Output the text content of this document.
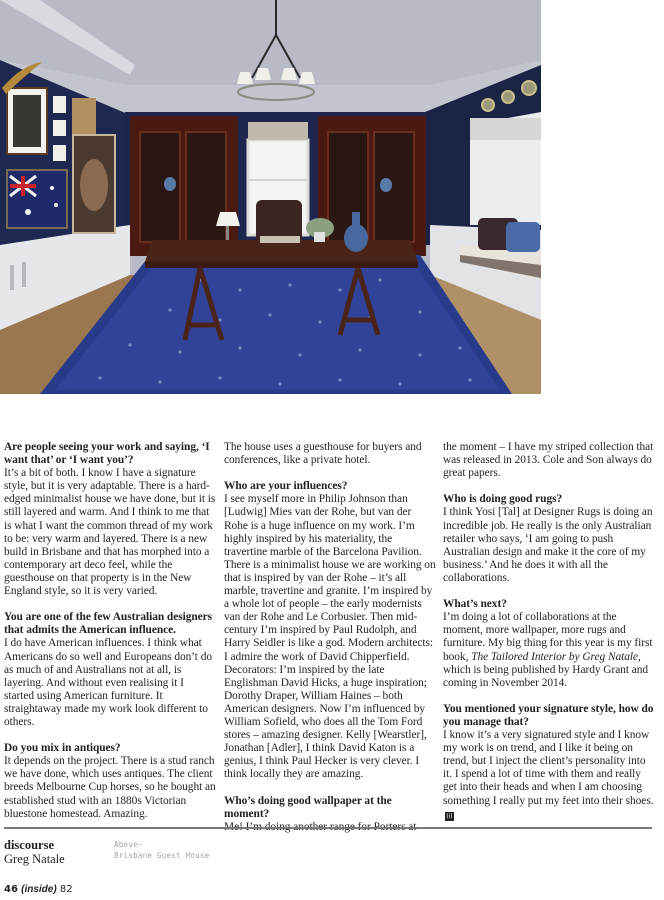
Are people seeing your work and saying, ‘I want that’ or ‘I want you’?
It’s a bit of both. I know I have a signature style, but it is very adaptable. There is a hard-edged minimalist house we have done, but it is still layered and warm. And I think to me that is what I want the common thread of my work to be: very warm and layered. There is a new build in Brisbane and that has morphed into a contemporary art deco feel, while the guesthouse on that property is in the New England style, so it is very varied.

You are one of the few Australian designers that admits the American influence.
I do have American influences. I think what Americans do so well and Europeans don’t do as much of and Australians not at all, is layering. And without even realising it I started using American furniture. It straightaway made my work look different to others.

Do you mix in antiques?
It depends on the project. There is a stud ranch we have done, which uses antiques. The client breeds Melbourne Cup horses, so he bought an established stud with an 1880s Victorian bluestone homestead. Amazing.

The house uses a guesthouse for buyers and conferences, like a private hotel.

Who are your influences?
I see myself more in Philip Johnson than [Ludwig] Mies van der Rohe, but van der Rohe is a huge influence on my work. I’m highly inspired by his materiality, the travertine marble of the Barcelona Pavilion. There is a minimalist house we are working on that is inspired by van der Rohe – it’s all marble, travertine and granite. I’m inspired by a whole lot of people – the early modernists van der Rohe and Le Corbusier. Then mid-century I’m inspired by Paul Rudolph, and Harry Seidler is like a god. Modern architects: I admire the work of David Chipperfield. Decorators: I’m inspired by the late Englishman David Hicks, a huge inspiration; Dorothy Draper, William Haines – both American designers. Now I’m influenced by William Sofield, who does all the Tom Ford stores – amazing designer. Kelly [Wearstler], Jonathan [Adler], I think David Katon is a genius, I think Paul Hecker is very clever. I think locally they are amazing.

Who’s doing good wallpaper at the moment?

the moment – I have my striped collection that was released in 2013. Cole and Son always do great papers.

Who is doing good rugs?
I think Yosi [Tal] at Designer Rugs is doing an incredible job. He really is the only Australian retailer who says, ‘I am going to push Australian design and make it the core of my business.’ And he does it with all the collaborations.

What’s next?
I’m doing a lot of collaborations at the moment, more wallpaper, more rugs and furniture. My big thing for this year is my first book, The Tailored Interior by Greg Natale, which is being published by Hardy Grant and coming in November 2014.

You mentioned your signature style, how do you manage that?
I know it’s a very signatured style and I know my work is on trend, and I like it being on trend, but I inject the client’s personality into it. I spend a lot of time with them and really get into their heads and when I am choosing something I really put my feet into their shoes.(i)

discourse
Greg Natale
Above—
Brisbane Guest House
46 (inside) 82
